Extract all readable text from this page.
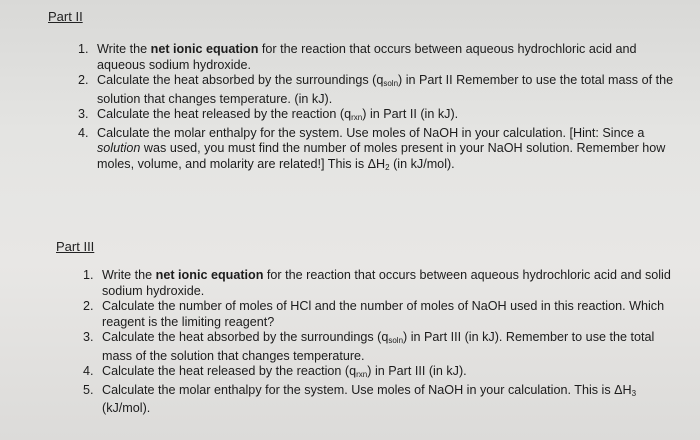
Part II
1. Write the net ionic equation for the reaction that occurs between aqueous hydrochloric acid and aqueous sodium hydroxide.
2. Calculate the heat absorbed by the surroundings $(q_{soln})$ in Part II Remember to use the total mass of the solution that changes temperature. (in kJ).
3. Calculate the heat released by the reaction $(q_{rxn})$ in Part II (in kJ).
4. Calculate the molar enthalpy for the system. Use moles of NaOH in your calculation. [Hint: Since a solution was used, you must find the number of moles present in your NaOH solution. Remember how moles, volume, and molarity are related!] This is $\Delta H_2$ (in kJ/mol).
Part III
1. Write the net ionic equation for the reaction that occurs between aqueous hydrochloric acid and solid sodium hydroxide.
2. Calculate the number of moles of HCl and the number of moles of NaOH used in this reaction. Which reagent is the limiting reagent?
3. Calculate the heat absorbed by the surroundings $(q_{soln})$ in Part III (in kJ). Remember to use the total mass of the solution that changes temperature.
4. Calculate the heat released by the reaction $(q_{rxn})$ in Part III (in kJ).
5. Calculate the molar enthalpy for the system. Use moles of NaOH in your calculation. This is $\Delta H_3$ (kJ/mol).
